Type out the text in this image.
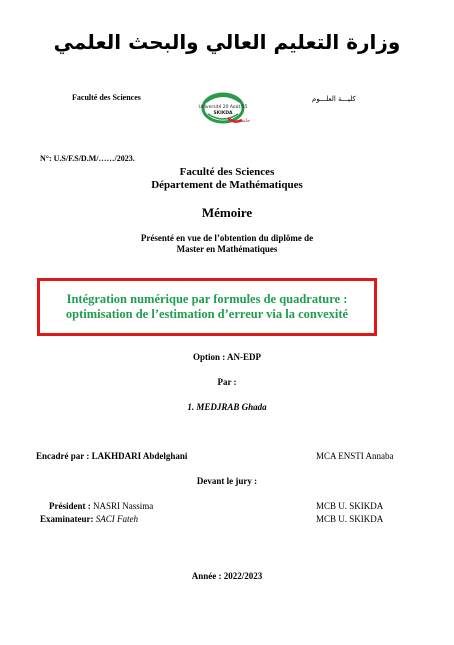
وزارة التعليم العالي والبحث العلمي
Faculté des Sciences
Université 20 Août 55
SKIKDA
جامعة
كليـــة العلـــوم
N°: U.S/F.S/D.M/……/2023.
Faculté des Sciences
Département de Mathématiques
Mémoire
Présenté en vue de l’obtention du diplôme de
Master en Mathématiques
Intégration numérique par formules de quadrature :
optimisation de l’estimation d’erreur via la convexité
Option : AN-EDP
Par :
1. MEDJRAB Ghada
Encadré par : LAKHDARI Abdelghani	MCA ENSTI Annaba
Devant le jury :
Président : NASRI Nassima	MCB U. SKIKDA
Examinateur: SACI Fateh	MCB U. SKIKDA
Année : 2022/2023
